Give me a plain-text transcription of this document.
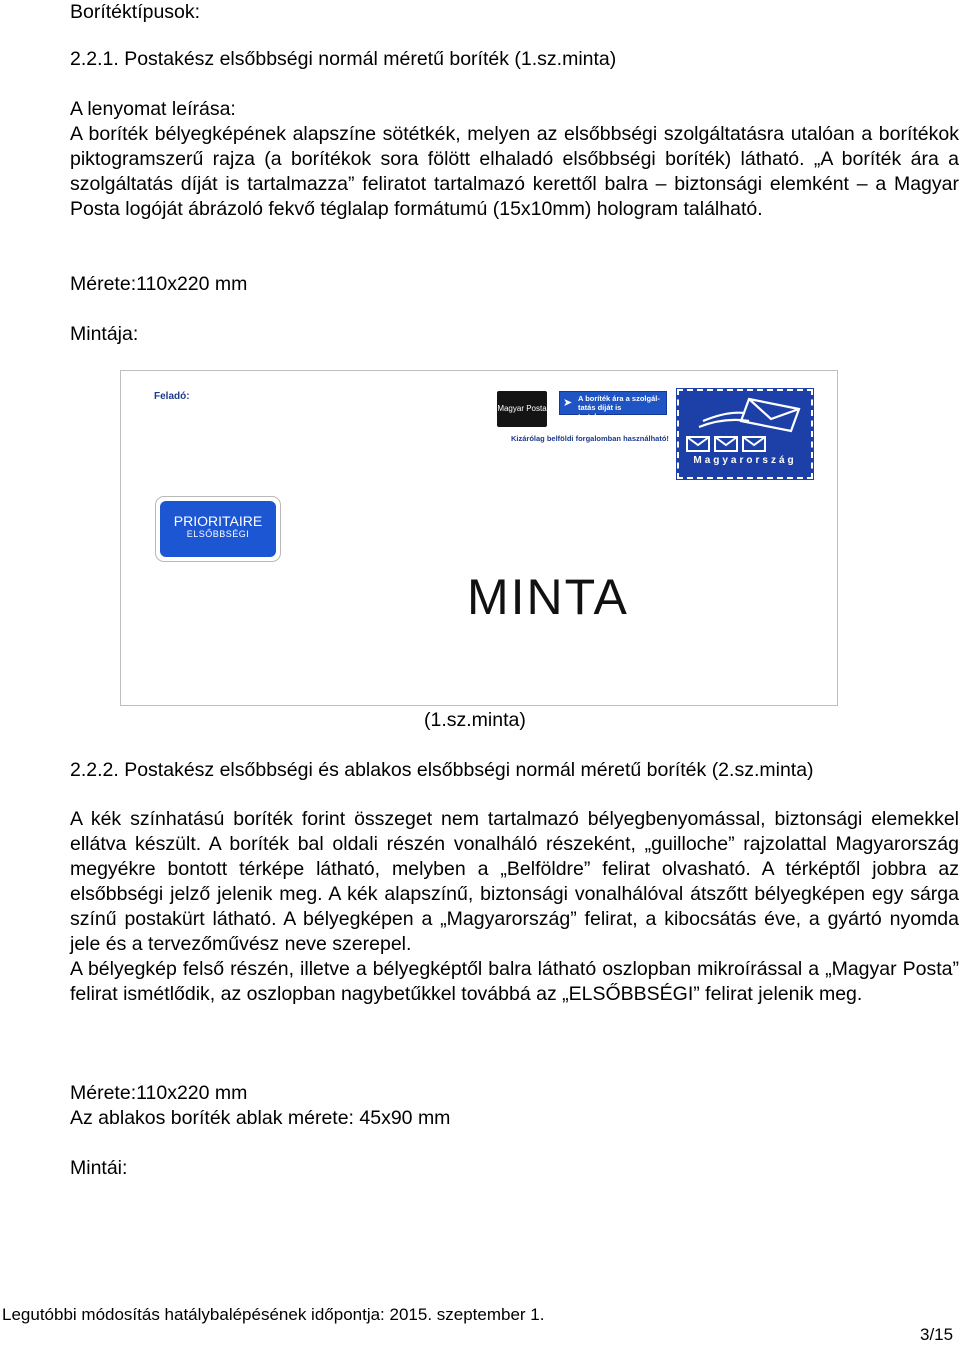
Borítéktípusok:
2.2.1. Postakész elsőbbségi normál méretű boríték (1.sz.minta)
A lenyomat leírása:

A boríték bélyegképének alapszíne sötétkék, melyen az elsőbbségi szolgáltatásra utalóan a borítékok piktogramszerű rajza (a borítékok sora fölött elhaladó elsőbbségi boríték) látható. „A boríték ára a szolgáltatás díját is tartalmazza” feliratot tartalmazó kerettől balra – biztonsági elemként – a Magyar Posta logóját ábrázoló fekvő téglalap formátumú (15x10mm) hologram található.

Mérete:110x220 mm
Mintája:
Feladó:
Magyar Posta ➤ A boríték ára a szolgál-tatás díját is tartalmazza.
Kizárólag belföldi forgalomban használható!
Magyarország
PRIORITAIRE
ELSŐBBSÉGI
MINTA
(1.sz.minta)
2.2.2. Postakész elsőbbségi és ablakos elsőbbségi normál méretű boríték (2.sz.minta)

A kék színhatású boríték forint összeget nem tartalmazó bélyegbenyomással, biztonsági elemekkel ellátva készült. A boríték bal oldali részén vonalháló részeként, „guilloche” rajzolattal Magyarország megyékre bontott térképe látható, melyben a „Belföldre” felirat olvasható. A térképtől jobbra az elsőbbségi jelző jelenik meg. A kék alapszínű, biztonsági vonalhálóval átszőtt bélyegképen egy sárga színű postakürt látható. A bélyegképen a „Magyarország” felirat, a kibocsátás éve, a gyártó nyomda jele és a tervezőművész neve szerepel.

A bélyegkép felső részén, illetve a bélyegképtől balra látható oszlopban mikroírással a „Magyar Posta” felirat ismétlődik, az oszlopban nagybetűkkel továbbá az „ELSŐBBSÉGI” felirat jelenik meg.

Mérete:110x220 mm
Az ablakos boríték ablak mérete: 45x90 mm
Mintái:
Legutóbbi módosítás hatálybalépésének időpontja: 2015. szeptember 1.
3/15
